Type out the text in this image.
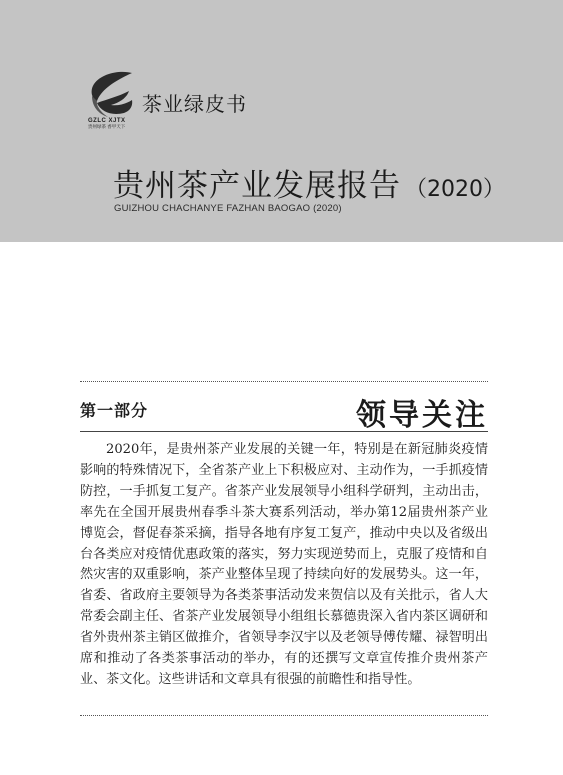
GZLC XJTX
贵州绿茶 香甲天下
茶业绿皮书
贵州茶产业发展报告 （2020）
GUIZHOU CHACHANYE FAZHAN BAOGAO (2020)
第一部分	领导关注

2020年，是贵州茶产业发展的关键一年，特别是在新冠肺炎疫情影响的特殊情况下，全省茶产业上下积极应对、主动作为，一手抓疫情防控，一手抓复工复产。省茶产业发展领导小组科学研判，主动出击，率先在全国开展贵州春季斗茶大赛系列活动，举办第12届贵州茶产业博览会，督促春茶采摘，指导各地有序复工复产，推动中央以及省级出台各类应对疫情优惠政策的落实，努力实现逆势而上，克服了疫情和自然灾害的双重影响，茶产业整体呈现了持续向好的发展势头。这一年，省委、省政府主要领导为各类茶事活动发来贺信以及有关批示，省人大常委会副主任、省茶产业发展领导小组组长慕德贵深入省内茶区调研和省外贵州茶主销区做推介，省领导李汉宇以及老领导傅传耀、禄智明出席和推动了各类茶事活动的举办，有的还撰写文章宣传推介贵州茶产业、茶文化。这些讲话和文章具有很强的前瞻性和指导性。
